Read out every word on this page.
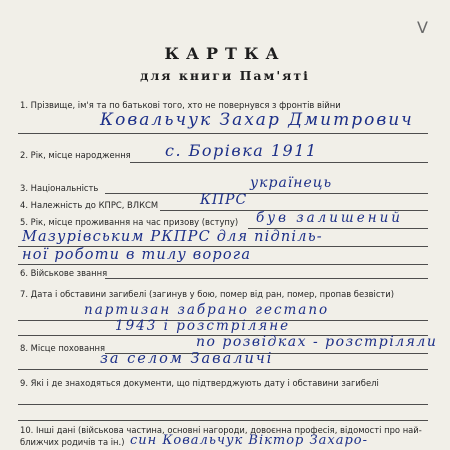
V
КАРТКА
для книги Пам'яті
1. Прізвище, ім'я та по батькові того, хто не повернувся з фронтів війни
Ковальчук Захар Дмитрович
2. Рік, місце народження с. Борівка 1911
3. Національність	українець
4. Належність до КПРС, ВЛКСМ	КПРС
5. Рік, місце проживання на час призову (вступу) був залишений
Мазурівським РКПРС для підпіль-
ної роботи в тилу ворога
6. Військове звання
7. Дата і обставини загибелі (загинув у бою, помер від ран, помер, пропав безвісти)
партизан забрано гестапо
1943 і розстріляне
8. Місце поховання	по розвідках - розстріляли
за селом Заваличі
9. Які і де знаходяться документи, що підтверджують дату і обставини загибелі
10. Інші дані (військова частина, основні нагороди, довоєнна професія, відомості про най-
ближчих родичів та ін.) син Ковальчук Віктор Захаро-
